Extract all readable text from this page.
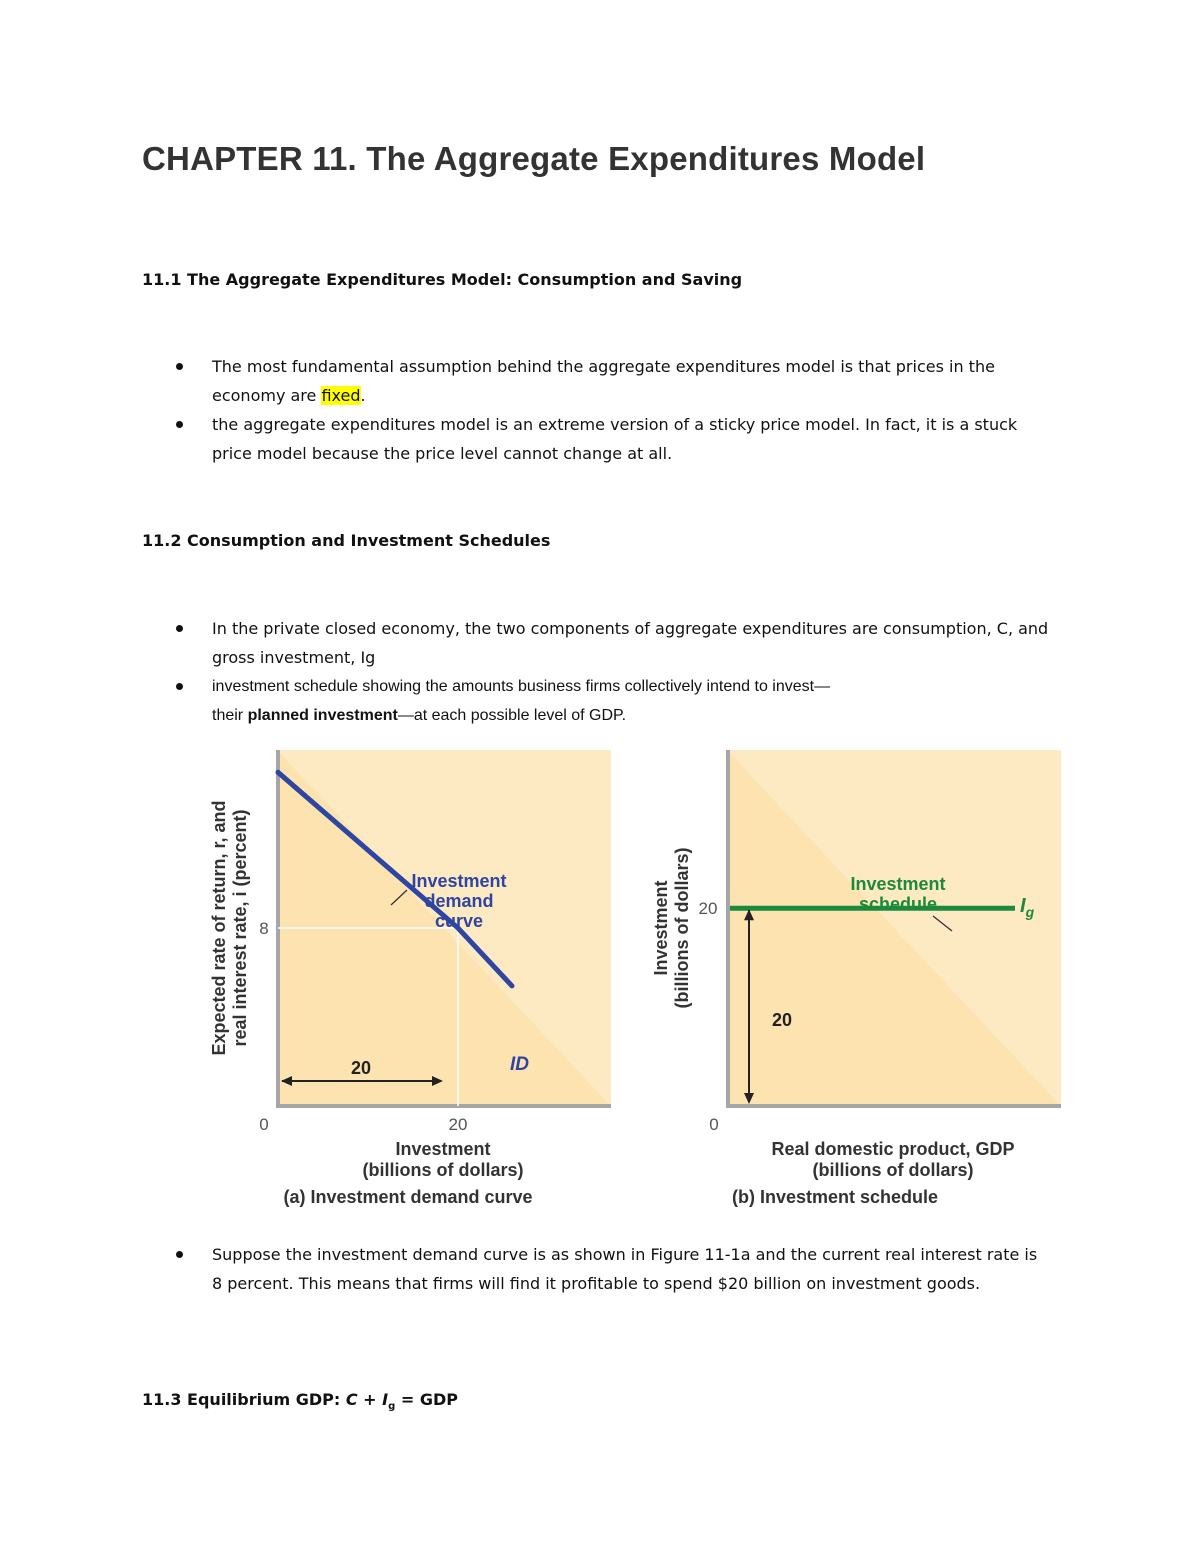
CHAPTER 11. The Aggregate Expenditures Model
11.1 The Aggregate Expenditures Model: Consumption and Saving
The most fundamental assumption behind the aggregate expenditures model is that prices in the economy are fixed.
the aggregate expenditures model is an extreme version of a sticky price model. In fact, it is a stuck price model because the price level cannot change at all.
11.2 Consumption and Investment Schedules
In the private closed economy, the two components of aggregate expenditures are consumption, C, and gross investment, Ig
investment schedule showing the amounts business firms collectively intend to invest—
their planned investment—at each possible level of GDP.
Investment
demand
curve
ID
20
0	20
8
Investment
(billions of dollars)
(a) Investment demand curve
Expected rate of return, r, and real interest rate, i (percent)	20
Investment
schedule	$I_g$
0
20
Real domestic product, GDP
(billions of dollars)
(b) Investment schedule
Investment (billions of dollars)
Suppose the investment demand curve is as shown in Figure 11-1a and the current real interest rate is 8 percent. This means that firms will find it profitable to spend $20 billion on investment goods.
11.3 Equilibrium GDP: $C + I_g$ = GDP
